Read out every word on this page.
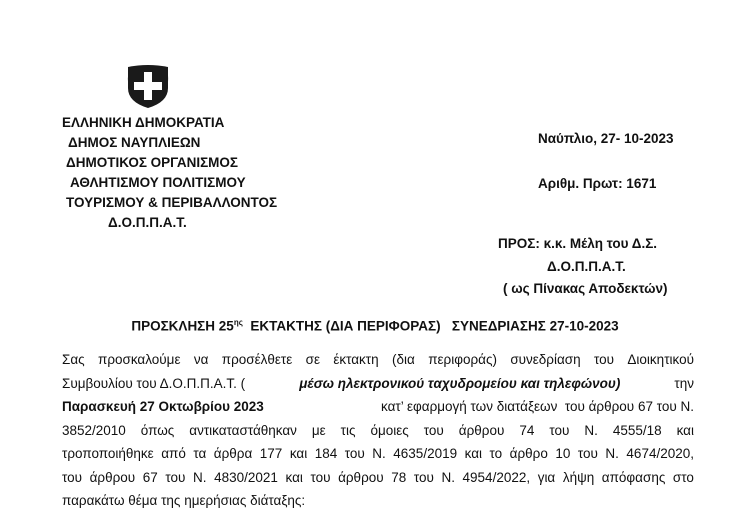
ΕΛΛΗΝΙΚΗ ΔΗΜΟΚΡΑΤΙΑ
ΔΗΜΟΣ ΝΑΥΠΛΙΕΩΝ
ΔΗΜΟΤΙΚΟΣ ΟΡΓΑΝΙΣΜΟΣ
ΑΘΛΗΤΙΣΜΟΥ ΠΟΛΙΤΙΣΜΟΥ
ΤΟΥΡΙΣΜΟΥ & ΠΕΡΙΒΑΛΛΟΝΤΟΣ
Δ.Ο.Π.Π.Α.Τ.
Ναύπλιο, 27- 10-2023
Αριθμ. Πρωτ: 1671
ΠΡΟΣ: κ.κ. Μέλη του Δ.Σ.
Δ.Ο.Π.Π.Α.Τ.
( ως Πίνακας Αποδεκτών)
ΠΡΟΣΚΛΗΣΗ $25^{\eta\varsigma}$  ΕΚΤΑΚΤΗΣ (ΔΙΑ ΠΕΡΙΦΟΡΑΣ)   ΣΥΝΕΔΡΙΑΣΗΣ 27-10-2023
Σας προσκαλούμε να προσέλθετε σε έκτακτη (δια περιφοράς) συνεδρίαση του Διοικητικού
Συμβουλίου του Δ.Ο.Π.Π.Α.Τ. (	μέσω ηλεκτρονικού ταχυδρομείου και τηλεφώνου)	την
Παρασκευή 27 Οκτωβρίου 2023	κατ’ εφαρμογή των διατάξεων  του άρθρου 67 του Ν.
3852/2010 όπως αντικαταστάθηκαν με τις όμοιες του άρθρου 74 του Ν. 4555/18 και
τροποποιήθηκε από τα άρθρα 177 και 184 του Ν. 4635/2019 και το άρθρο 10 του Ν. 4674/2020,
του άρθρου 67 του Ν. 4830/2021 και του άρθρου 78 του Ν. 4954/2022, για λήψη απόφασης στο
παρακάτω θέμα της ημερήσιας διάταξης:
